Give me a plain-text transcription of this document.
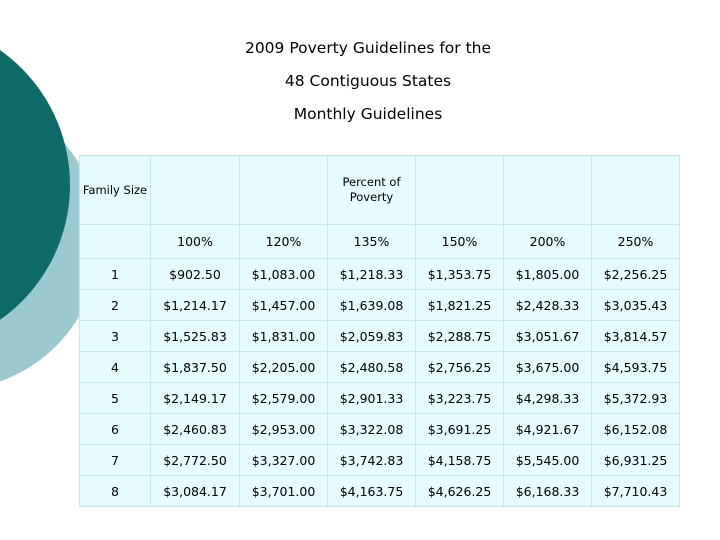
2009 Poverty Guidelines for the
48 Contiguous States
Monthly Guidelines
Family Size			Percent of Poverty			

	100%	120%	135%	150%	200%	250%
1	$902.50	$1,083.00	$1,218.33	$1,353.75	$1,805.00	$2,256.25
2	$1,214.17	$1,457.00	$1,639.08	$1,821.25	$2,428.33	$3,035.43
3	$1,525.83	$1,831.00	$2,059.83	$2,288.75	$3,051.67	$3,814.57
4	$1,837.50	$2,205.00	$2,480.58	$2,756.25	$3,675.00	$4,593.75
5	$2,149.17	$2,579.00	$2,901.33	$3,223.75	$4,298.33	$5,372.93
6	$2,460.83	$2,953.00	$3,322.08	$3,691.25	$4,921.67	$6,152.08
7	$2,772.50	$3,327.00	$3,742.83	$4,158.75	$5,545.00	$6,931.25
8	$3,084.17	$3,701.00	$4,163.75	$4,626.25	$6,168.33	$7,710.43
